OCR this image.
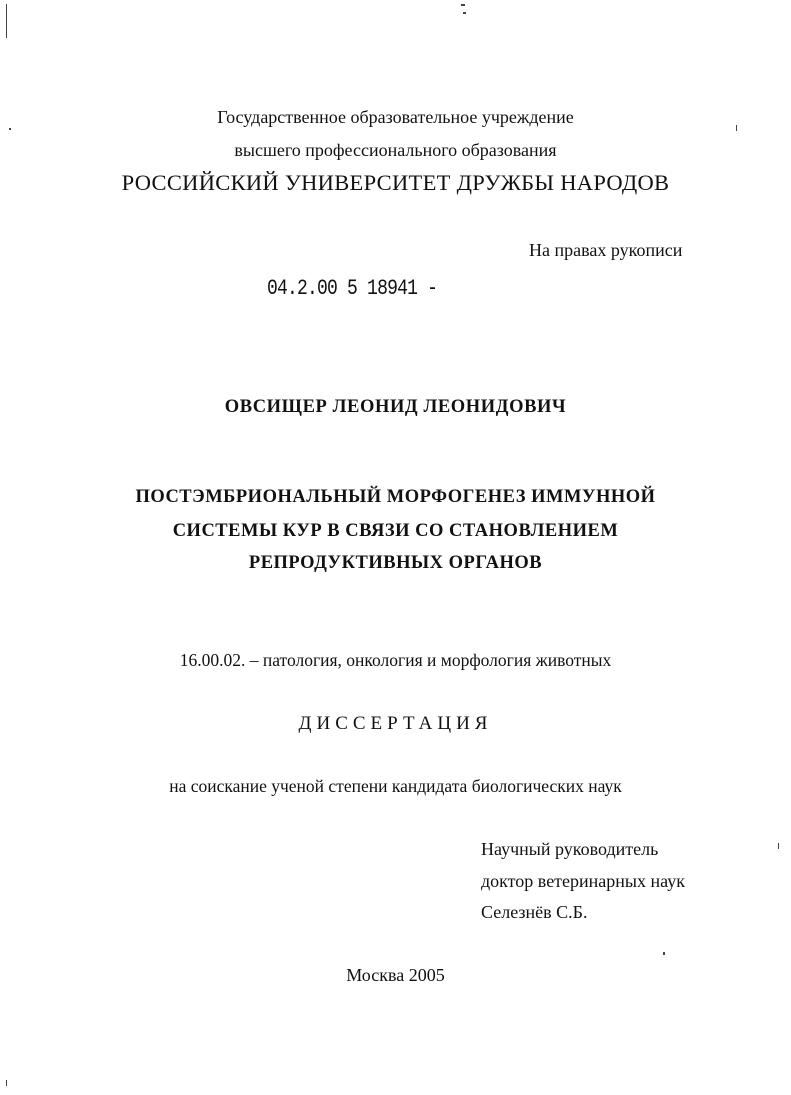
Государственное образовательное учреждение
высшего профессионального образования
РОССИЙСКИЙ УНИВЕРСИТЕТ ДРУЖБЫ НАРОДОВ
На правах рукописи
04.2.00 5 18941 -
ОВСИЩЕР ЛЕОНИД ЛЕОНИДОВИЧ
ПОСТЭМБРИОНАЛЬНЫЙ МОРФОГЕНЕЗ ИММУННОЙ
СИСТЕМЫ КУР В СВЯЗИ СО СТАНОВЛЕНИЕМ
РЕПРОДУКТИВНЫХ ОРГАНОВ
16.00.02. – патология, онкология и морфология животных
ДИССЕРТАЦИЯ
на соискание ученой степени кандидата биологических наук
Научный руководитель
доктор ветеринарных наук
Селезнёв С.Б.
Москва 2005
